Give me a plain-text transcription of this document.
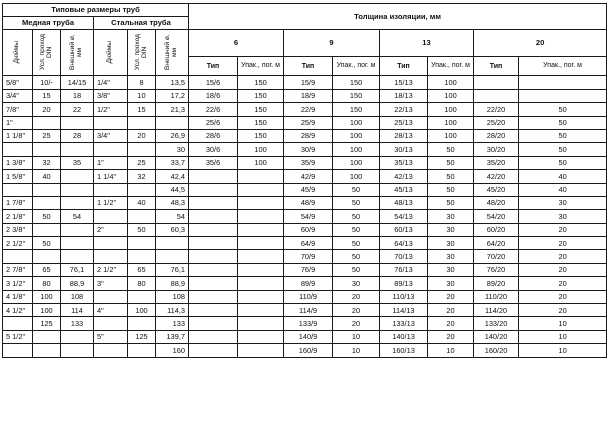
Типовые размеры труб						Толщина изоляции, мм							
Медная труба			Стальная труба										
Дюймы	Усл. проход DIN	Внешний ø, мм	Дюймы	Усл. проход DIN	Внешний ø, мм	6		9		13		20	
						Тип	Упак., пог. м	Тип	Упак., пог. м	Тип	Упак., пог. м	Тип	Упак., пог. м
5/8"	10/-	14/15	1/4"	8	13,5	15/6	150	15/9	150	15/13	100		
3/4"	15	18	3/8"	10	17,2	18/6	150	18/9	150	18/13	100		
7/8"	20	22	1/2"	15	21,3	22/6	150	22/9	150	22/13	100	22/20	50
1"						25/6	150	25/9	100	25/13	100	25/20	50
1 1/8"	25	28	3/4"	20	26,9	28/6	150	28/9	100	28/13	100	28/20	50
					30	30/6	100	30/9	100	30/13	50	30/20	50
1 3/8"	32	35	1"	25	33,7	35/6	100	35/9	100	35/13	50	35/20	50
1 5/8"	40		1 1/4"	32	42,4			42/9	100	42/13	50	42/20	40
					44,5			45/9	50	45/13	50	45/20	40
1 7/8"			1 1/2"	40	48,3			48/9	50	48/13	50	48/20	30
2 1/8"	50	54			54			54/9	50	54/13	30	54/20	30
2 3/8"			2"	50	60,3			60/9	50	60/13	30	60/20	20
2 1/2"	50							64/9	50	64/13	30	64/20	20
								70/9	50	70/13	30	70/20	20
2 7/8"	65	76,1	2 1/2"	65	76,1			76/9	50	76/13	30	76/20	20
3 1/2"	80	88,9	3"	80	88,9			89/9	30	89/13	30	89/20	20
4 1/8"	100	108			108			110/9	20	110/13	20	110/20	20
4 1/2"	100	114	4"	100	114,3			114/9	20	114/13	20	114/20	20
	125	133			133			133/9	20	133/13	20	133/20	10
5 1/2"			5"	125	139,7			140/9	10	140/13	20	140/20	10
					160			160/9	10	160/13	10	160/20	10
